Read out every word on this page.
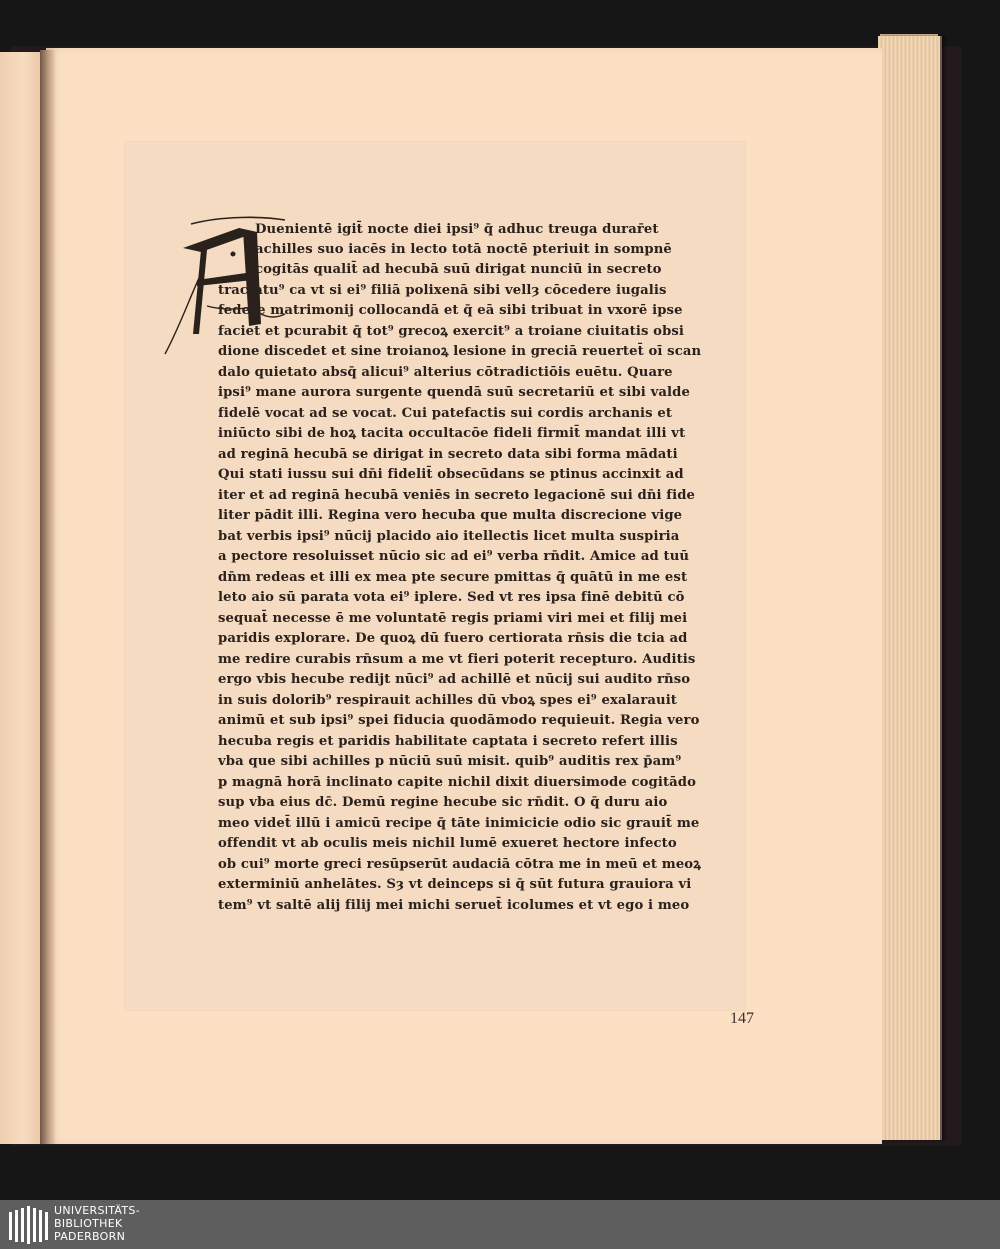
Duenientē igit̄ nocte diei ipsi⁹ q̄ adhuc treuga durar̄et
achilles suo iacēs in lecto totā noctē pteriuit in sompnē
cogitās qualit̄ ad hecubā suū dirigat nunciū in secreto
tractatu⁹ ca vt si ei⁹ filiā polixenā sibi vellȝ cōcedere iugalis
federe matrimonij collocandā et q̄ eā sibi tribuat in vxorē ipse
faciet et pcurabit q̄ tot⁹ grecoꝝ exercit⁹ a troiane ciuitatis obsi
dione discedet et sine troianoꝝ lesione in greciā reuertet̄ oī scan
dalo quietato absq̄ alicui⁹ alterius cōtradictiōis euētu. Quare
ipsi⁹ mane aurora surgente quendā suū secretariū et sibi valde
fidelē vocat ad se vocat. Cui patefactis sui cordis archanis et
iniūcto sibi de hoꝝ tacita occultacōe fideli firmit̄ mandat illi vt
ad reginā hecubā se dirigat in secreto data sibi forma mādati
Qui stati iussu sui dn̄i fidelit̄ obsecūdans se ptinus accinxit ad
iter et ad reginā hecubā veniēs in secreto legacionē sui dn̄i fide
liter pādit illi. Regina vero hecuba que multa discrecione vige
bat verbis ipsi⁹ nūcij placido aio itellectis licet multa suspiria
a pectore resoluisset nūcio sic ad ei⁹ verba rn̄dit. Amice ad tuū
dn̄m redeas et illi ex mea pte secure pmittas q̄ quātū in me est
leto aio sū parata vota ei⁹ iplere. Sed vt res ipsa finē debitū cō
sequat̄ necesse ē me voluntatē regis priami viri mei et filij mei
paridis explorare. De quoꝝ dū fuero certiorata rn̄sis die tcia ad
me redire curabis rn̄sum a me vt fieri poterit recepturo. Auditis
ergo vbis hecube redijt nūci⁹ ad achillē et nūcij sui audito rn̄so
in suis dolorib⁹ respirauit achilles dū vboꝝ spes ei⁹ exalarauit
animū et sub ipsi⁹ spei fiducia quodāmodo requieuit. Regia vero
hecuba regis et paridis habilitate captata i secreto refert illis
vba que sibi achilles p nūciū suū misit. quib⁹ auditis rex p̄am⁹
p magnā horā inclinato capite nichil dixit diuersimode cogitādo
sup vba eius dc̄. Demū regine hecube sic rn̄dit. O q̄ duru aio
meo videt̄ illū i amicū recipe q̄ tāte inimicicie odio sic grauit̄ me
offendit vt ab oculis meis nichil lumē exueret hectore infecto
ob cui⁹ morte greci resūpserūt audaciā cōtra me in meū et meoꝝ
exterminiū anhelātes. Sȝ vt deinceps si q̄ sūt futura grauiora vi
tem⁹ vt saltē alij filij mei michi seruet̄ icolumes et vt ego i meo
147
UNIVERSITÄTS-
BIBLIOTHEK
PADERBORN
